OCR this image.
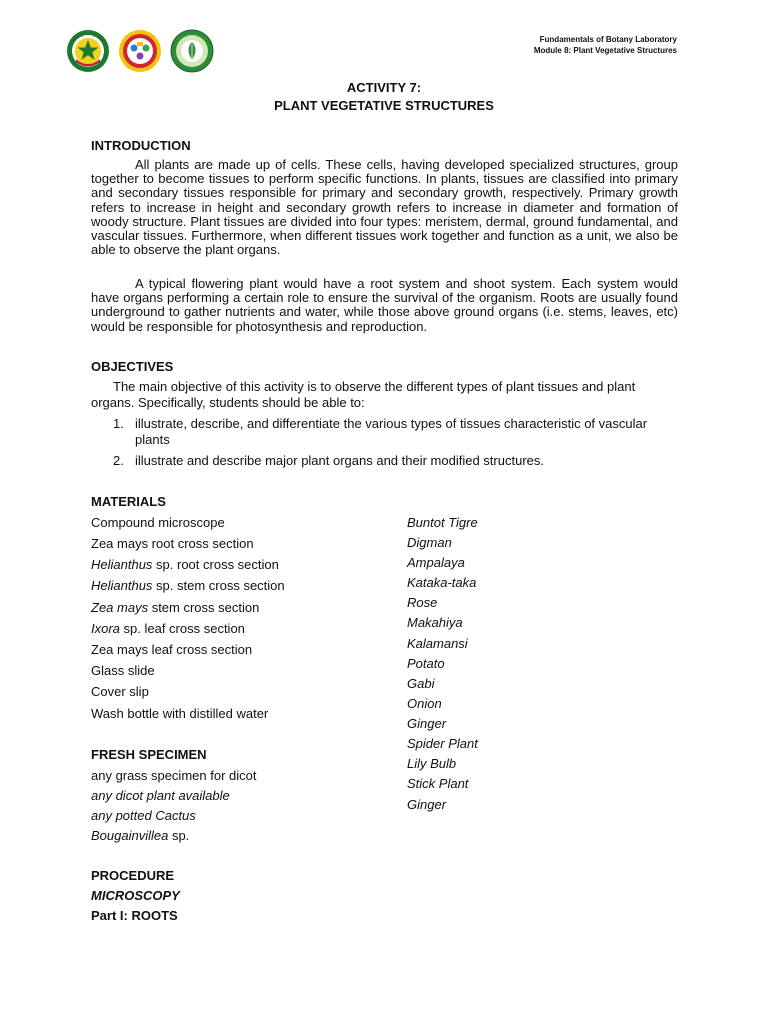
Fundamentals of Botany Laboratory
Module 8: Plant Vegetative Structures
ACTIVITY 7:
PLANT VEGETATIVE STRUCTURES
INTRODUCTION

All plants are made up of cells. These cells, having developed specialized structures, group together to become tissues to perform specific functions. In plants, tissues are classified into primary and secondary tissues responsible for primary and secondary growth, respectively. Primary growth refers to increase in height and secondary growth refers to increase in diameter and formation of woody structure. Plant tissues are divided into four types: meristem, dermal, ground fundamental, and vascular tissues. Furthermore, when different tissues work together and function as a unit, we also be able to observe the plant organs.

A typical flowering plant would have a root system and shoot system. Each system would have organs performing a certain role to ensure the survival of the organism. Roots are usually found underground to gather nutrients and water, while those above ground organs (i.e. stems, leaves, etc) would be responsible for photosynthesis and reproduction.

OBJECTIVES

The main objective of this activity is to observe the different types of plant tissues and plant organs. Specifically, students should be able to:

1. illustrate, describe, and differentiate the various types of tissues characteristic of vascular plants
2. illustrate and describe major plant organs and their modified structures.
MATERIALS
Compound microscope
Zea mays root cross section
Helianthus sp. root cross section
Helianthus sp. stem cross section
Zea mays stem cross section
Ixora sp. leaf cross section
Zea mays leaf cross section
Glass slide
Cover slip
Wash bottle with distilled water
Buntot Tigre
Digman
Ampalaya
Kataka-taka
Rose
Makahiya
Kalamansi
Potato
Gabi
Onion
Ginger
Spider Plant
Lily Bulb
Stick Plant
Ginger
FRESH SPECIMEN
any grass specimen for dicot
any dicot plant available
any potted Cactus
Bougainvillea sp.
PROCEDURE
MICROSCOPY
Part I: ROOTS
